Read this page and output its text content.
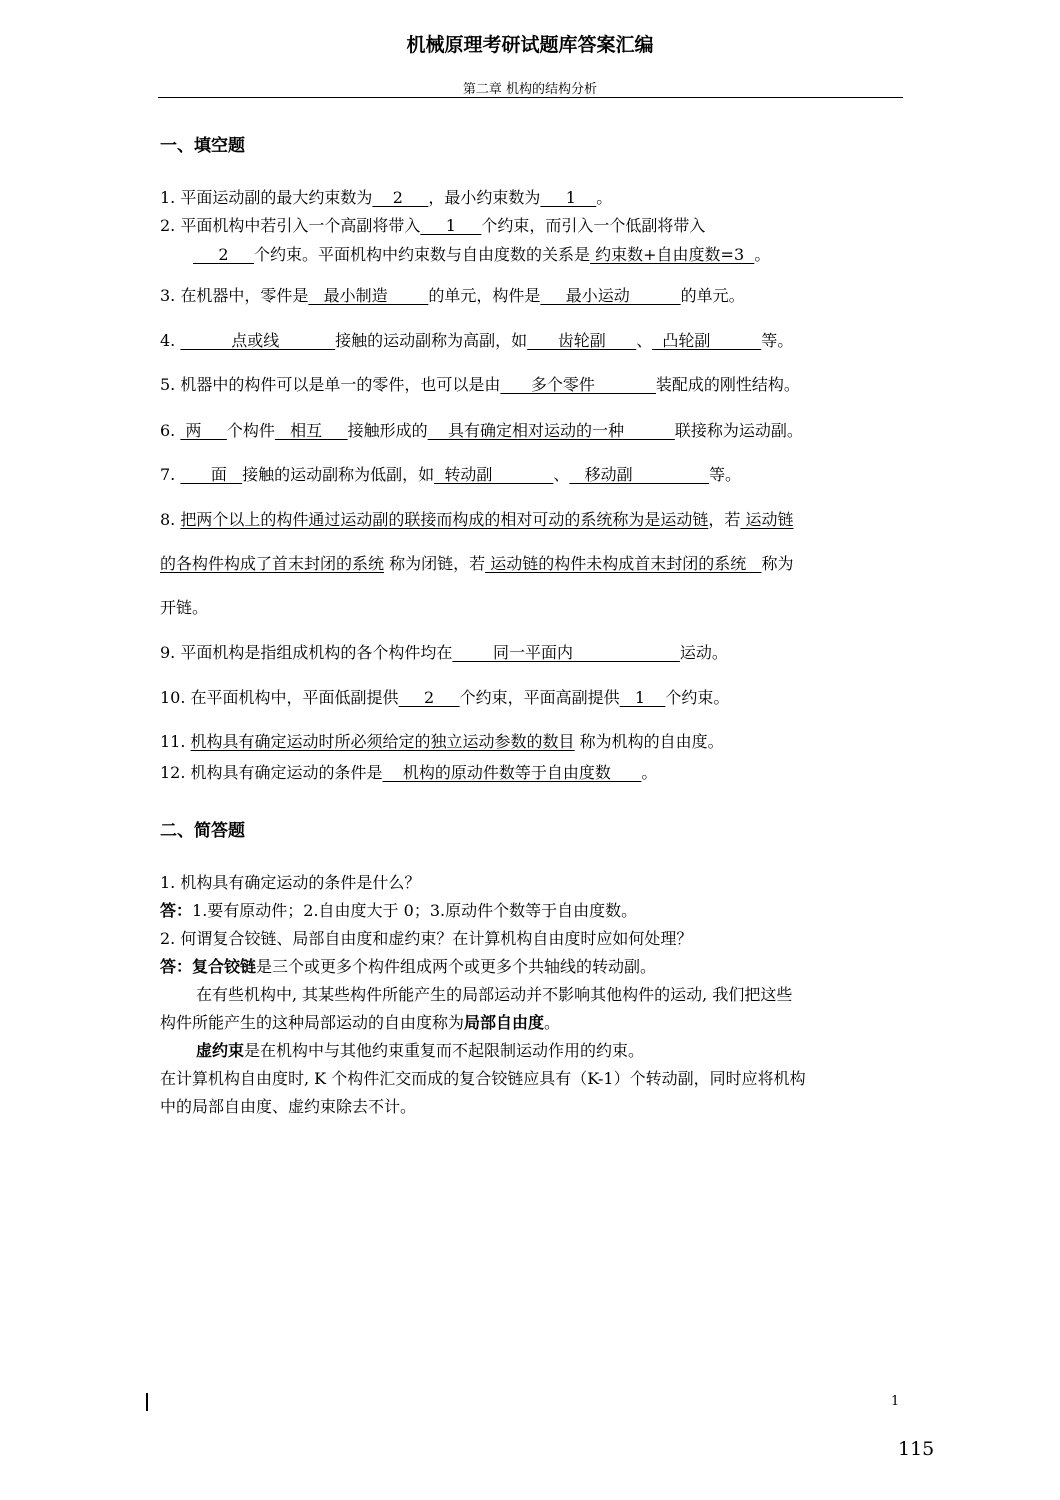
机械原理考研试题库答案汇编
第二章 机构的结构分析
一、填空题
1. 平面运动副的最大约束数为    2     ，最小约束数为     1    。
2. 平面机构中若引入一个高副将带入     1     个约束，而引入一个低副将带入
2     个约束。平面机构中约束数与自由度数的关系是 约束数+自由度数=3  。
3. 在机器中，零件是   最小制造        的单元，构件是     最小运动          的单元。
4.           点或线           接触的运动副称为高副，如      齿轮副      、  凸轮副          等。
5. 机器中的构件可以是单一的零件，也可以是由      多个零件            装配成的刚性结构。
6.  两     个构件   相互     接触形成的    具有确定相对运动的一种          联接称为运动副。
7.       面   接触的运动副称为低副，如  转动副            、   移动副               等。
8. 把两个以上的构件通过运动副的联接而构成的相对可动的系统称为是运动链，若 运动链
的各构件构成了首末封闭的系统 称为闭链，若 运动链的构件未构成首末封闭的系统   称为
开链。
9. 平面机构是指组成机构的各个构件均在        同一平面内                     运动。
10. 在平面机构中，平面低副提供     2     个约束，平面高副提供   1    个约束。
11. 机构具有确定运动时所必须给定的独立运动参数的数目 称为机构的自由度。
12. 机构具有确定运动的条件是    机构的原动件数等于自由度数      。
二、简答题
1. 机构具有确定运动的条件是什么？
答：1.要有原动件；2.自由度大于 0；3.原动件个数等于自由度数。
2. 何谓复合铰链、局部自由度和虚约束？在计算机构自由度时应如何处理？
答：复合铰链是三个或更多个构件组成两个或更多个共轴线的转动副。
在有些机构中, 其某些构件所能产生的局部运动并不影响其他构件的运动, 我们把这些
构件所能产生的这种局部运动的自由度称为局部自由度。
虚约束是在机构中与其他约束重复而不起限制运动作用的约束。
在计算机构自由度时, K 个构件汇交而成的复合铰链应具有（K-1）个转动副，同时应将机构
中的局部自由度、虚约束除去不计。
1
115
